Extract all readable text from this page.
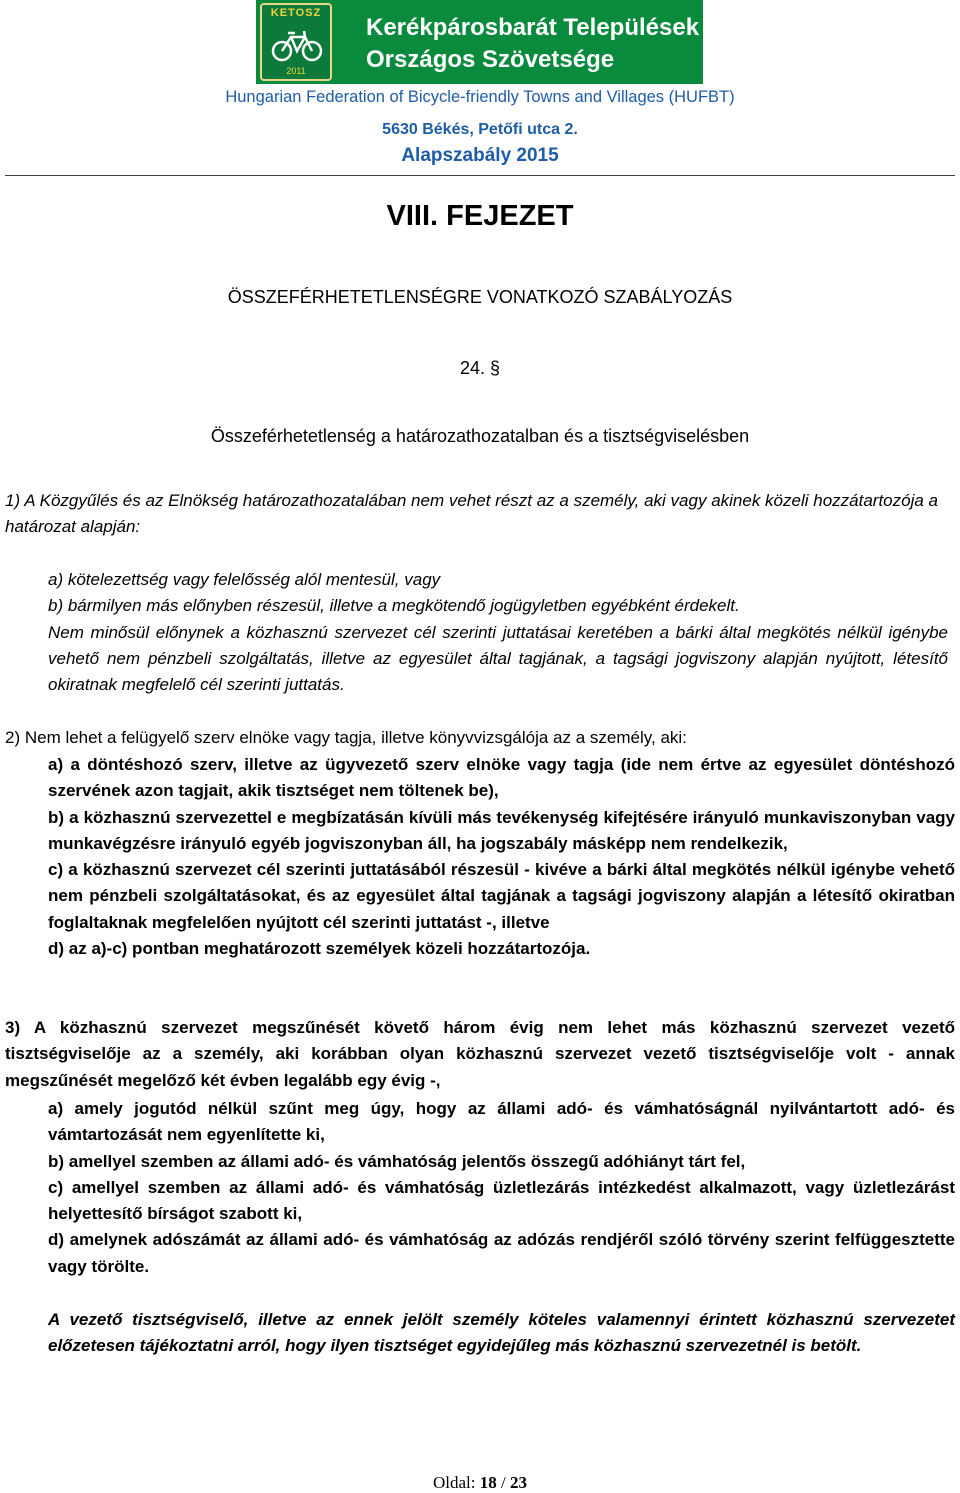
KETOSZ
2011
Kerékpárosbarát Települések
Országos Szövetsége
Hungarian Federation of Bicycle-friendly Towns and Villages (HUFBT)
5630 Békés, Petőfi utca 2.
Alapszabály 2015
VIII. FEJEZET
ÖSSZEFÉRHETETLENSÉGRE VONATKOZÓ SZABÁLYOZÁS
24. §
Összeférhetetlenség a határozathozatalban és a tisztségviselésben
1) A Közgyűlés és az Elnökség határozathozatalában nem vehet részt az a személy, aki vagy akinek közeli hozzátartozója a határozat alapján:
a) kötelezettség vagy felelősség alól mentesül, vagy
b) bármilyen más előnyben részesül, illetve a megkötendő jogügyletben egyébként érdekelt.
Nem minősül előnynek a közhasznú szervezet cél szerinti juttatásai keretében a bárki által megkötés nélkül igénybe vehető nem pénzbeli szolgáltatás, illetve az egyesület által tagjának, a tagsági jogviszony alapján nyújtott, létesítő okiratnak megfelelő cél szerinti juttatás.
2) Nem lehet a felügyelő szerv elnöke vagy tagja, illetve könyvvizsgálója az a személy, aki:
a) a döntéshozó szerv, illetve az ügyvezető szerv elnöke vagy tagja (ide nem értve az egyesület döntéshozó szervének azon tagjait, akik tisztséget nem töltenek be),
b) a közhasznú szervezettel e megbízatásán kívüli más tevékenység kifejtésére irányuló munkaviszonyban vagy munkavégzésre irányuló egyéb jogviszonyban áll, ha jogszabály másképp nem rendelkezik,
c) a közhasznú szervezet cél szerinti juttatásából részesül - kivéve a bárki által megkötés nélkül igénybe vehető nem pénzbeli szolgáltatásokat, és az egyesület által tagjának a tagsági jogviszony alapján a létesítő okiratban foglaltaknak megfelelően nyújtott cél szerinti juttatást -, illetve
d) az a)-c) pontban meghatározott személyek közeli hozzátartozója.
3) A közhasznú szervezet megszűnését követő három évig nem lehet más közhasznú szervezet vezető tisztségviselője az a személy, aki korábban olyan közhasznú szervezet vezető tisztségviselője volt - annak megszűnését megelőző két évben legalább egy évig -,
a) amely jogutód nélkül szűnt meg úgy, hogy az állami adó- és vámhatóságnál nyilvántartott adó- és vámtartozását nem egyenlítette ki,
b) amellyel szemben az állami adó- és vámhatóság jelentős összegű adóhiányt tárt fel,
c) amellyel szemben az állami adó- és vámhatóság üzletlezárás intézkedést alkalmazott, vagy üzletlezárást helyettesítő bírságot szabott ki,
d) amelynek adószámát az állami adó- és vámhatóság az adózás rendjéről szóló törvény szerint felfüggesztette vagy törölte.
A vezető tisztségviselő, illetve az ennek jelölt személy köteles valamennyi érintett közhasznú szervezetet előzetesen tájékoztatni arról, hogy ilyen tisztséget egyidejűleg más közhasznú szervezetnél is betölt.
Oldal: 18 / 23
